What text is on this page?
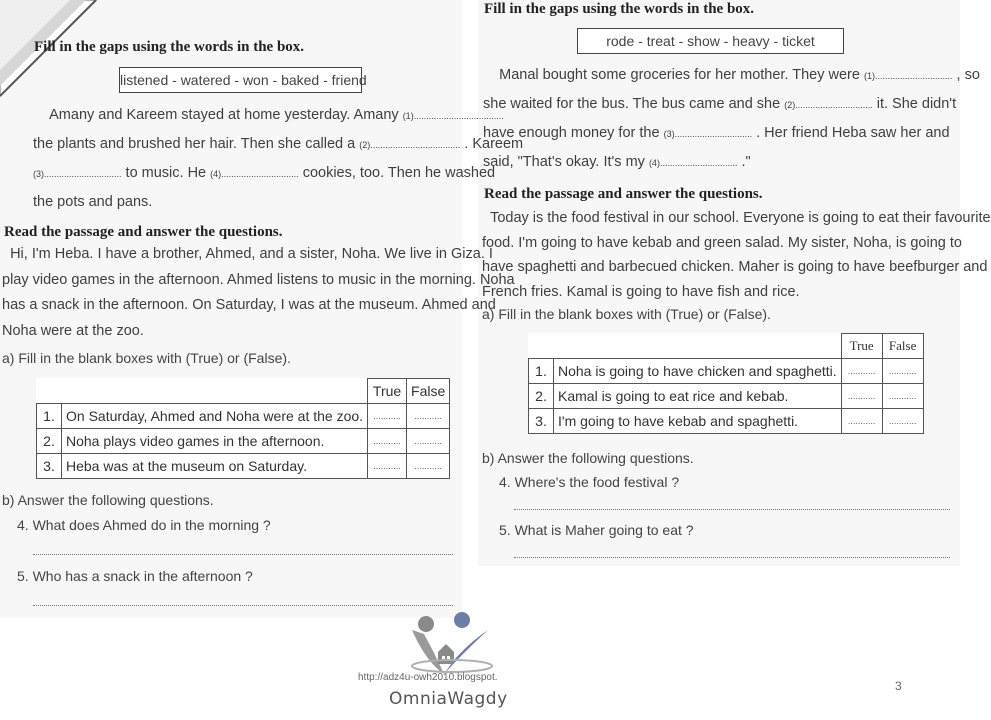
Fill in the gaps using the words in the box.
listened - watered - won - baked - friend
Amany and Kareem stayed at home yesterday. Amany (1)....................................
the plants and brushed her hair. Then she called a (2).................................... . Kareem
(3)............................... to music. He (4)............................... cookies, too. Then he washed
the pots and pans.
Read the passage and answer the questions.
Hi, I'm Heba. I have a brother, Ahmed, and a sister, Noha. We live in Giza. I
play video games in the afternoon. Ahmed listens to music in the morning. Noha
has a snack in the afternoon. On Saturday, I was at the museum. Ahmed and
Noha were at the zoo.
a) Fill in the blank boxes with (True) or (False).
		True	False
1.	On Saturday, Ahmed and Noha were at the zoo.	...........	...........
2.	Noha plays video games in the afternoon.	...........	...........
3.	Heba was at the museum on Saturday.	...........	...........
b) Answer the following questions.
4. What does Ahmed do in the morning ?
5. Who has a snack in the afternoon ?
Fill in the gaps using the words in the box.
rode - treat - show - heavy - ticket
Manal bought some groceries for her mother. They were (1)............................... , so
she waited for the bus. The bus came and she (2)............................... it. She didn't
have enough money for the (3)............................... . Her friend Heba saw her and
said, "That's okay. It's my (4)............................... ."
Read the passage and answer the questions.
Today is the food festival in our school. Everyone is going to eat their favourite
food. I'm going to have kebab and green salad. My sister, Noha, is going to
have spaghetti and barbecued chicken. Maher is going to have beefburger and
French fries. Kamal is going to have fish and rice.
a) Fill in the blank boxes with (True) or (False).
		True	False
1.	Noha is going to have chicken and spaghetti.	...........	...........
2.	Kamal is going to eat rice and kebab.	...........	...........
3.	I'm going to have kebab and spaghetti.	...........	...........
b) Answer the following questions.
4. Where's the food festival ?
5. What is Maher going to eat ?
http://adz4u-owh2010.blogspot.
OmniaWagdy
3
